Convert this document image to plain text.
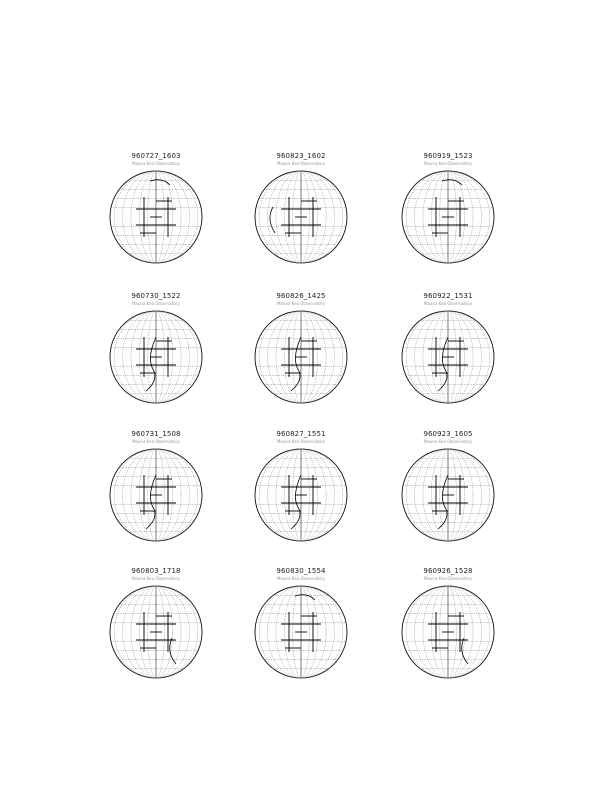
960727_1603
Mauna Kea Observatory
960823_1602
Mauna Kea Observatory
960919_1523
Mauna Kea Observatory
960730_1522
Mauna Kea Observatory
960826_1425
Mauna Kea Observatory
960922_1531
Mauna Kea Observatory
960731_1508
Mauna Kea Observatory
960827_1551
Mauna Kea Observatory
960923_1605
Mauna Kea Observatory
960803_1718
Mauna Kea Observatory
960830_1554
Mauna Kea Observatory
960926_1528
Mauna Kea Observatory
